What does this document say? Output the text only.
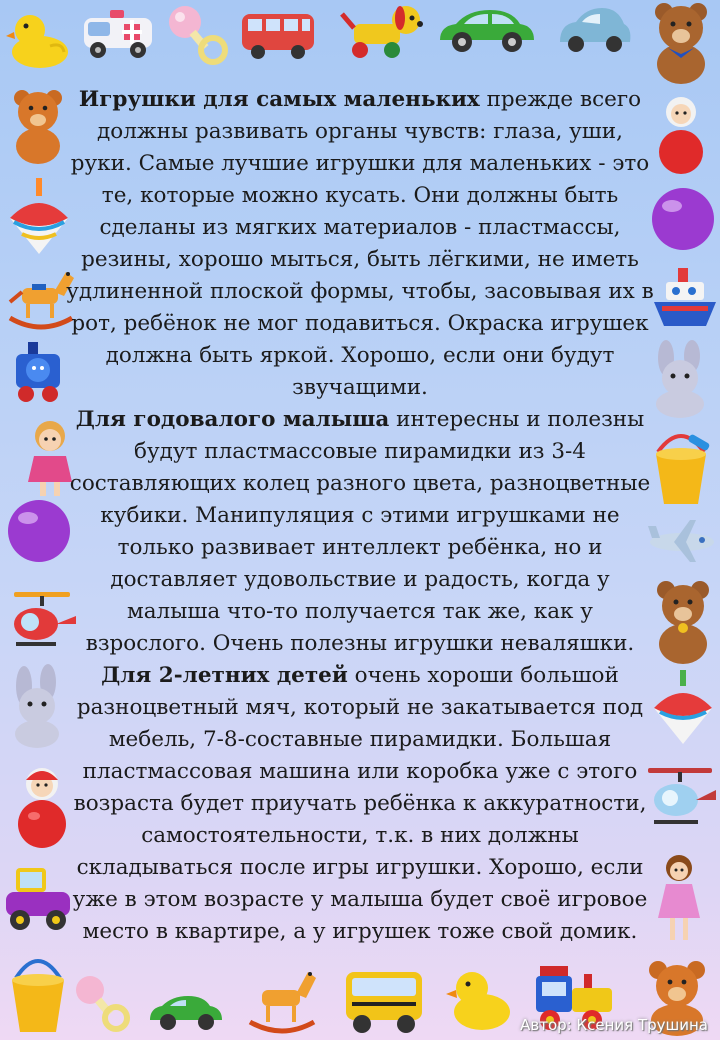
Игрушки для самых маленьких прежде всего должны развивать органы чувств: глаза, уши, руки. Самые лучшие игрушки для маленьких - это те, которые можно кусать. Они должны быть сделаны из мягких материалов - пластмассы, резины, хорошо мыться, быть лёгкими, не иметь удлиненной плоской формы, чтобы, засовывая их в рот, ребёнок не мог подавиться. Окраска игрушек должна быть яркой. Хорошо, если они будут звучащими.

Для годовалого малыша интересны и полезны будут пластмассовые пирамидки из 3-4 составляющих колец разного цвета, разноцветные кубики. Манипуляция с этими игрушками не только развивает интеллект ребёнка, но и доставляет удовольствие и радость, когда у малыша что-то получается так же, как у взрослого. Очень полезны игрушки неваляшки.

Для 2-летних детей очень хороши большой разноцветный мяч, который не закатывается под мебель, 7-8-составные пирамидки. Большая пластмассовая машина или коробка уже с этого возраста будет приучать ребёнка к аккуратности, самостоятельности, т.к. в них должны складываться после игры игрушки. Хорошо, если уже в этом возрасте у малыша будет своё игровое место в квартире, а у игрушек тоже свой домик.

Автор: Ксения Трушина
